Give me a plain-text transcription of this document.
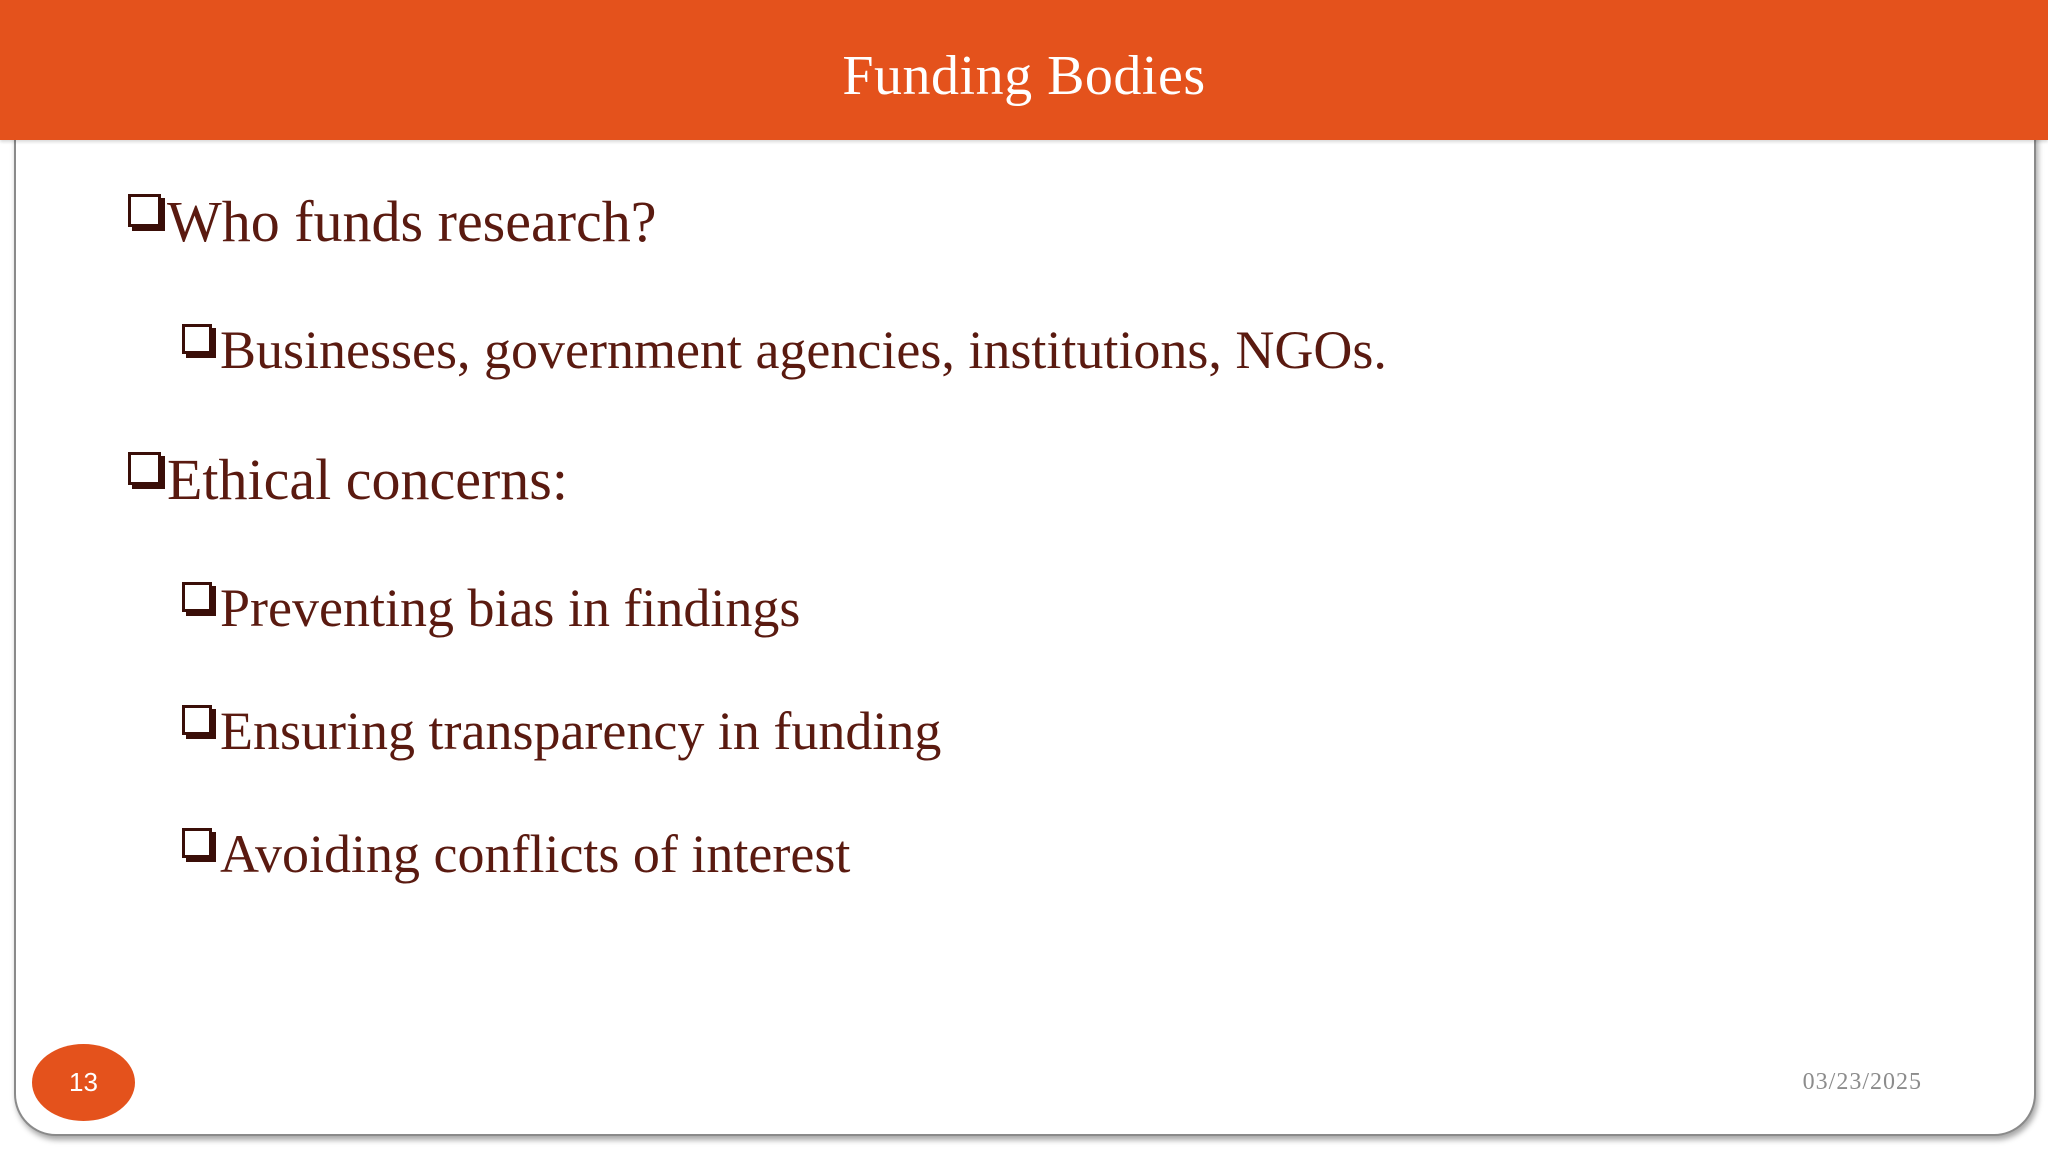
Funding Bodies
Who funds research?
Businesses, government agencies, institutions, NGOs.
Ethical concerns:
Preventing bias in findings
Ensuring transparency in funding
Avoiding conflicts of interest
13	03/23/2025
